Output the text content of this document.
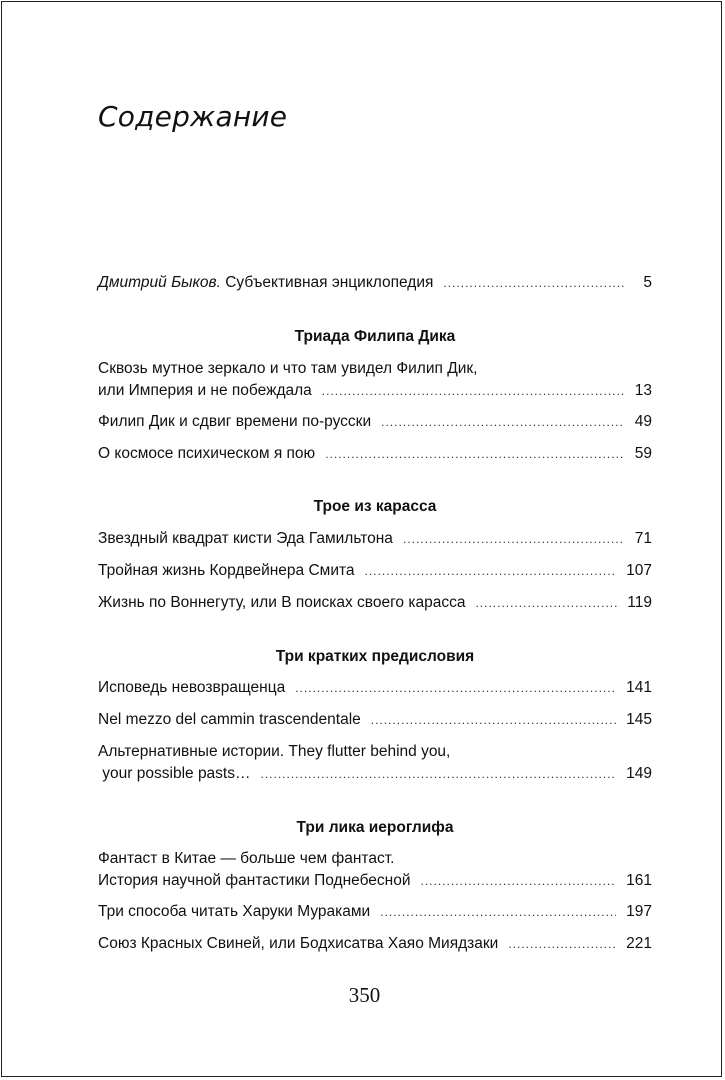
Содержание
Дмитрий Быков. Субъективная энциклопедия .....	5
Триада Филипа Дика
Сквозь мутное зеркало и что там увидел Филип Дик,
или Империя и не побеждала .....	13
Филип Дик и сдвиг времени по-русски .....	49
О космосе психическом я пою .....	59
Трое из карасса
Звездный квадрат кисти Эда Гамильтона .....	71
Тройная жизнь Кордвейнера Смита .....	107
Жизнь по Воннегуту, или В поисках своего карасса .....	119
Три кратких предисловия
Исповедь невозвращенца .....	141
Nel mezzo del cammin trascendentale .....	145
Альтернативные истории. They flutter behind you,
your possible pasts… .....	149
Три лика иероглифа
Фантаст в Китае — больше чем фантаст.
История научной фантастики Поднебесной .....	161
Три способа читать Харуки Мураками .....	197
Союз Красных Свиней, или Бодхисатва Хаяо Миядзаки .....	221
350
